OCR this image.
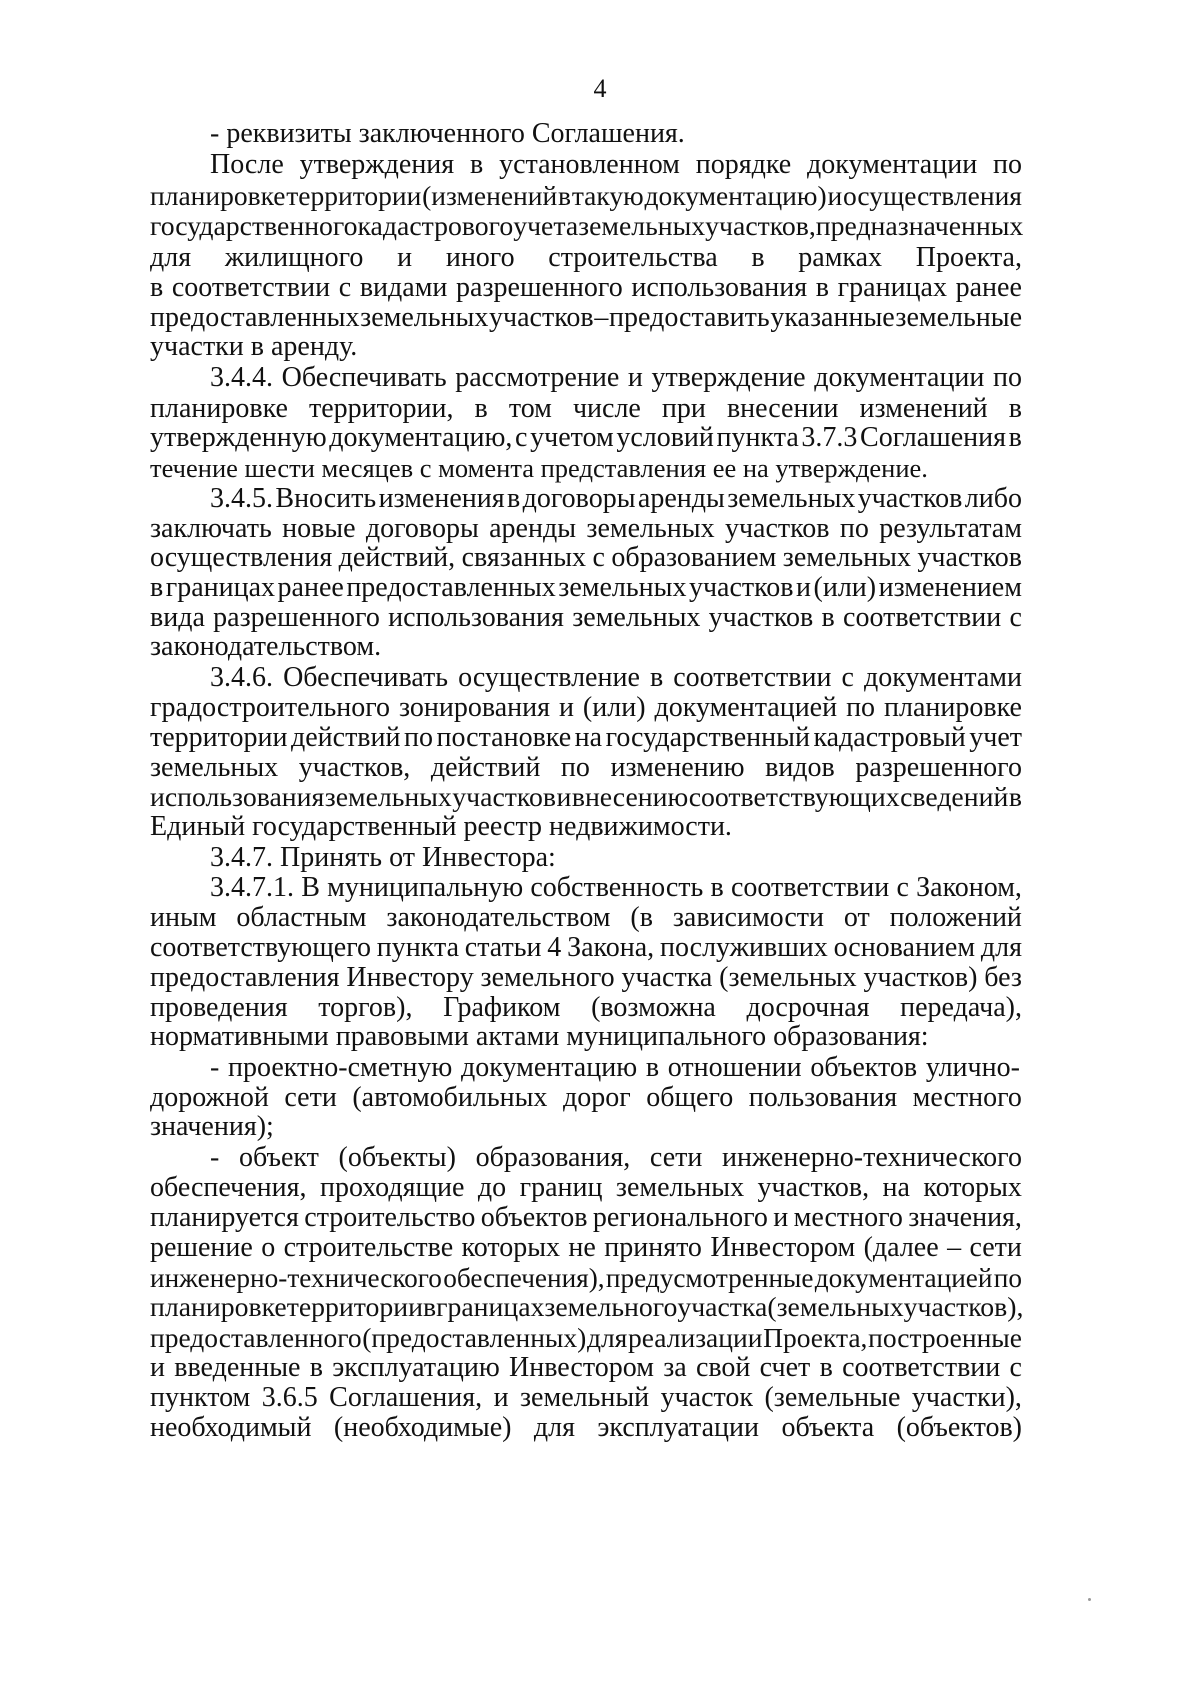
4
- реквизиты заключенного Соглашения.
После утверждения в установленном порядке документации по
планировке территории (изменений в такую документацию) и осуществления
государственного кадастрового учета земельных участков, предназначенных
для жилищного и иного строительства в рамках Проекта,
в соответствии с видами разрешенного использования в границах ранее
предоставленных земельных участков – предоставить указанные земельные
участки в аренду.
3.4.4. Обеспечивать рассмотрение и утверждение документации по
планировке территории, в том числе при внесении изменений в
утвержденную документацию, с учетом условий пункта 3.7.3 Соглашения в
течение шести месяцев с момента представления ее на утверждение.
3.4.5. Вносить изменения в договоры аренды земельных участков либо
заключать новые договоры аренды земельных участков по результатам
осуществления действий, связанных с образованием земельных участков
в границах ранее предоставленных земельных участков и (или) изменением
вида разрешенного использования земельных участков в соответствии с
законодательством.
3.4.6. Обеспечивать осуществление в соответствии с документами
градостроительного зонирования и (или) документацией по планировке
территории действий по постановке на государственный кадастровый учет
земельных участков, действий по изменению видов разрешенного
использования земельных участков и внесению соответствующих сведений в
Единый государственный реестр недвижимости.
3.4.7. Принять от Инвестора:
3.4.7.1. В муниципальную собственность в соответствии с Законом,
иным областным законодательством (в зависимости от положений
соответствующего пункта статьи 4 Закона, послуживших основанием для
предоставления Инвестору земельного участка (земельных участков) без
проведения торгов), Графиком (возможна досрочная передача),
нормативными правовыми актами муниципального образования:
- проектно-сметную документацию в отношении объектов улично-
дорожной сети (автомобильных дорог общего пользования местного
значения);
- объект (объекты) образования, сети инженерно-технического
обеспечения, проходящие до границ земельных участков, на которых
планируется строительство объектов регионального и местного значения,
решение о строительстве которых не принято Инвестором (далее – сети
инженерно-технического обеспечения), предусмотренные документацией по
планировке территории в границах земельного участка (земельных участков),
предоставленного (предоставленных) для реализации Проекта, построенные
и введенные в эксплуатацию Инвестором за свой счет в соответствии с
пунктом 3.6.5 Соглашения, и земельный участок (земельные участки),
необходимый (необходимые) для эксплуатации объекта (объектов)
